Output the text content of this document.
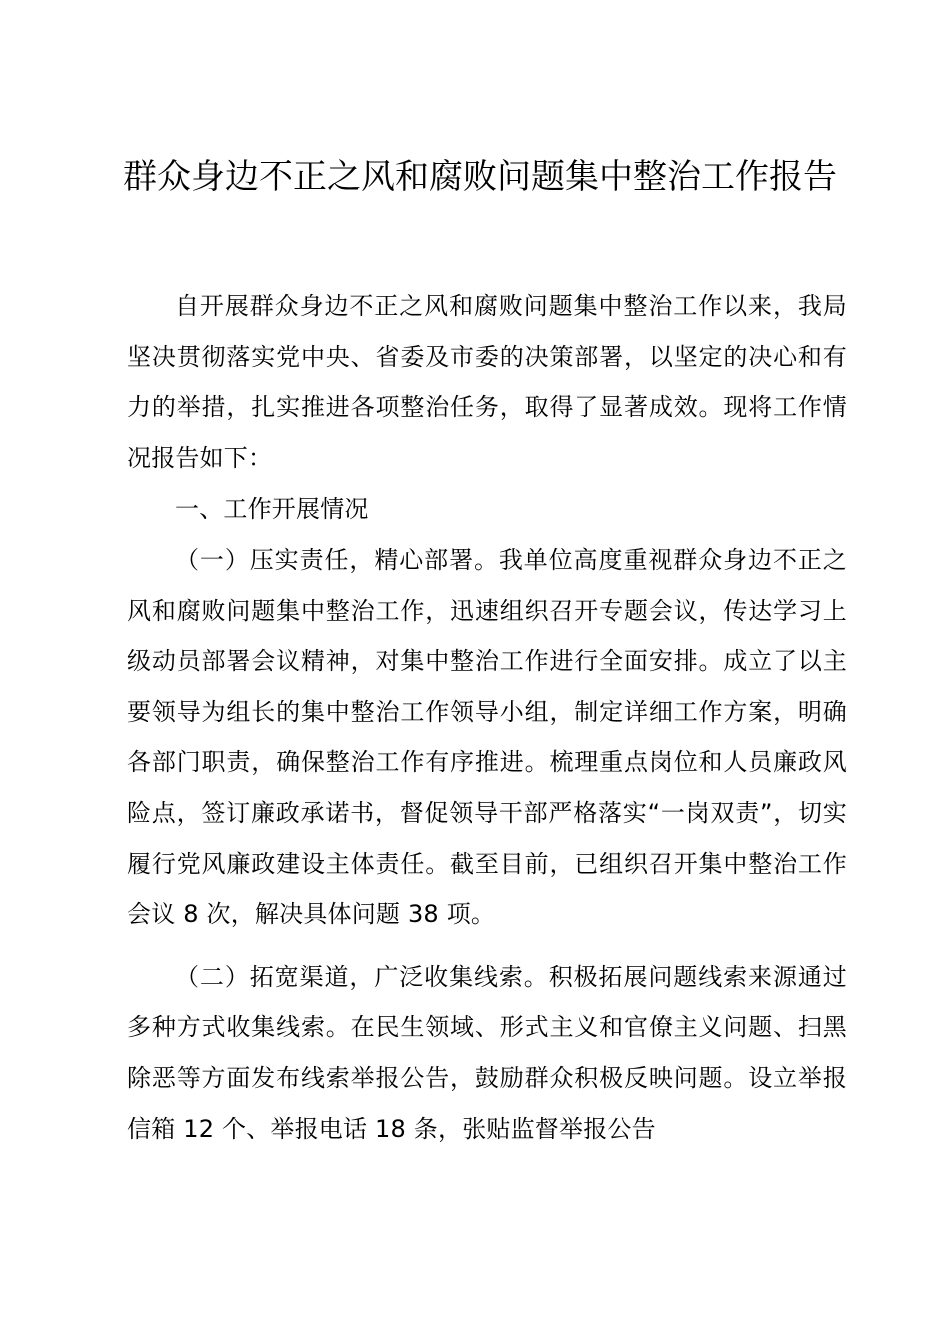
群众身边不正之风和腐败问题集中整治工作报告

自开展群众身边不正之风和腐败问题集中整治工作以来，我局坚决贯彻落实党中央、省委及市委的决策部署，以坚定的决心和有力的举措，扎实推进各项整治任务，取得了显著成效。现将工作情况报告如下：

一、工作开展情况

（一）压实责任，精心部署。我单位高度重视群众身边不正之风和腐败问题集中整治工作，迅速组织召开专题会议，传达学习上级动员部署会议精神，对集中整治工作进行全面安排。成立了以主要领导为组长的集中整治工作领导小组，制定详细工作方案，明确各部门职责，确保整治工作有序推进。梳理重点岗位和人员廉政风险点，签订廉政承诺书，督促领导干部严格落实“一岗双责”，切实履行党风廉政建设主体责任。截至目前，已组织召开集中整治工作会议 8 次，解决具体问题 38 项。

（二）拓宽渠道，广泛收集线索。积极拓展问题线索来源通过多种方式收集线索。在民生领域、形式主义和官僚主义问题、扫黑除恶等方面发布线索举报公告，鼓励群众积极反映问题。设立举报信箱 12 个、举报电话 18 条，张贴监督举报公告
